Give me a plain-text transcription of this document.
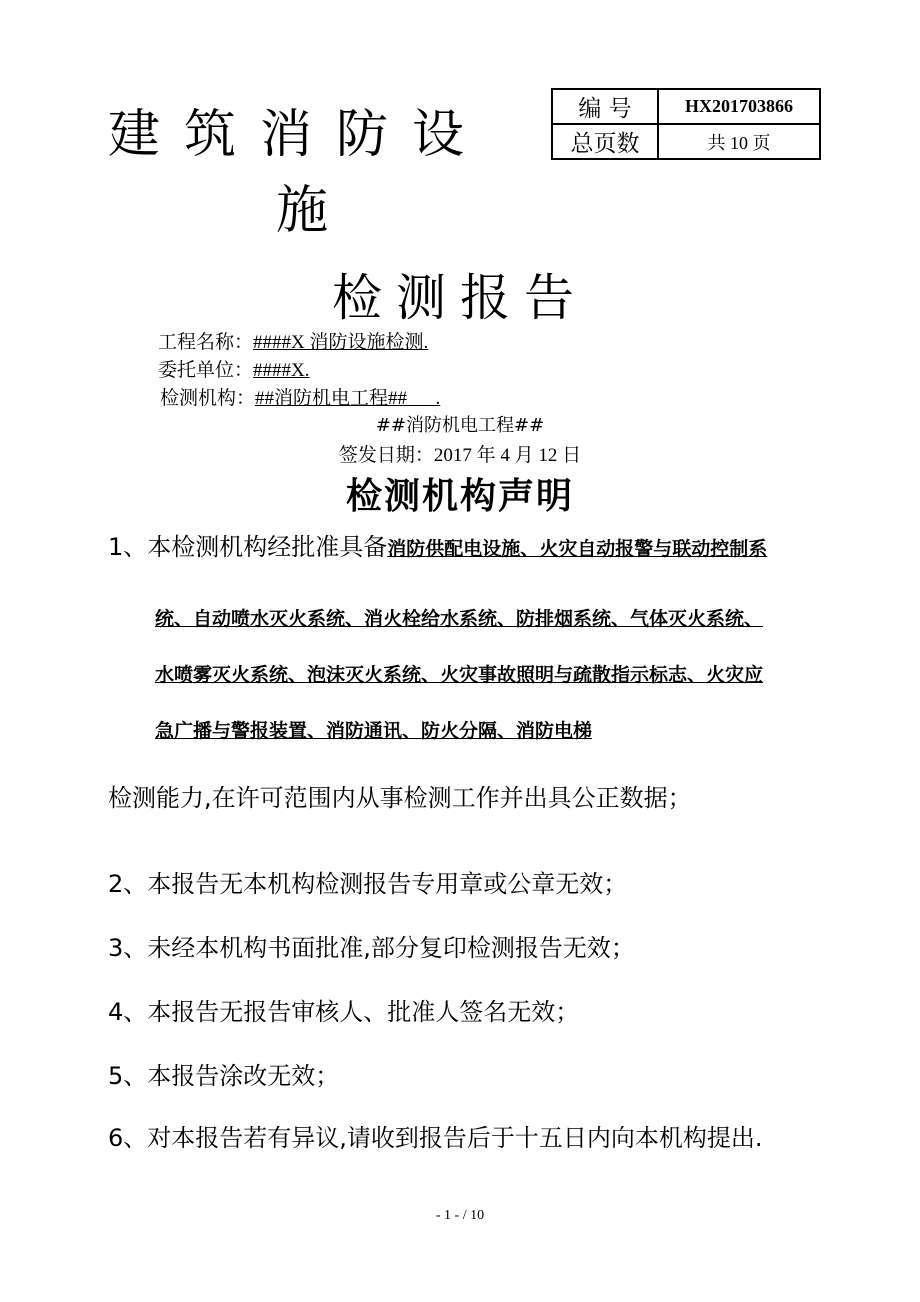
建筑消防设
施
编 号	HX201703866
总页数	共 10 页
检测报告
工程名称：####X 消防设施检测.
委托单位：####X.
检测机构：##消防机电工程##      .
##消防机电工程##
签发日期：2017 年 4 月 12 日
检测机构声明
1、本检测机构经批准具备消防供配电设施、火灾自动报警与联动控制系
统、自动喷水灭火系统、消火栓给水系统、防排烟系统、气体灭火系统、
水喷雾灭火系统、泡沫灭火系统、火灾事故照明与疏散指示标志、火灾应
急广播与警报装置、消防通讯、防火分隔、消防电梯
检测能力,在许可范围内从事检测工作并出具公正数据；
2、本报告无本机构检测报告专用章或公章无效；
3、未经本机构书面批准,部分复印检测报告无效；
4、本报告无报告审核人、批准人签名无效；
5、本报告涂改无效；
6、对本报告若有异议,请收到报告后于十五日内向本机构提出.
- 1 - / 10
